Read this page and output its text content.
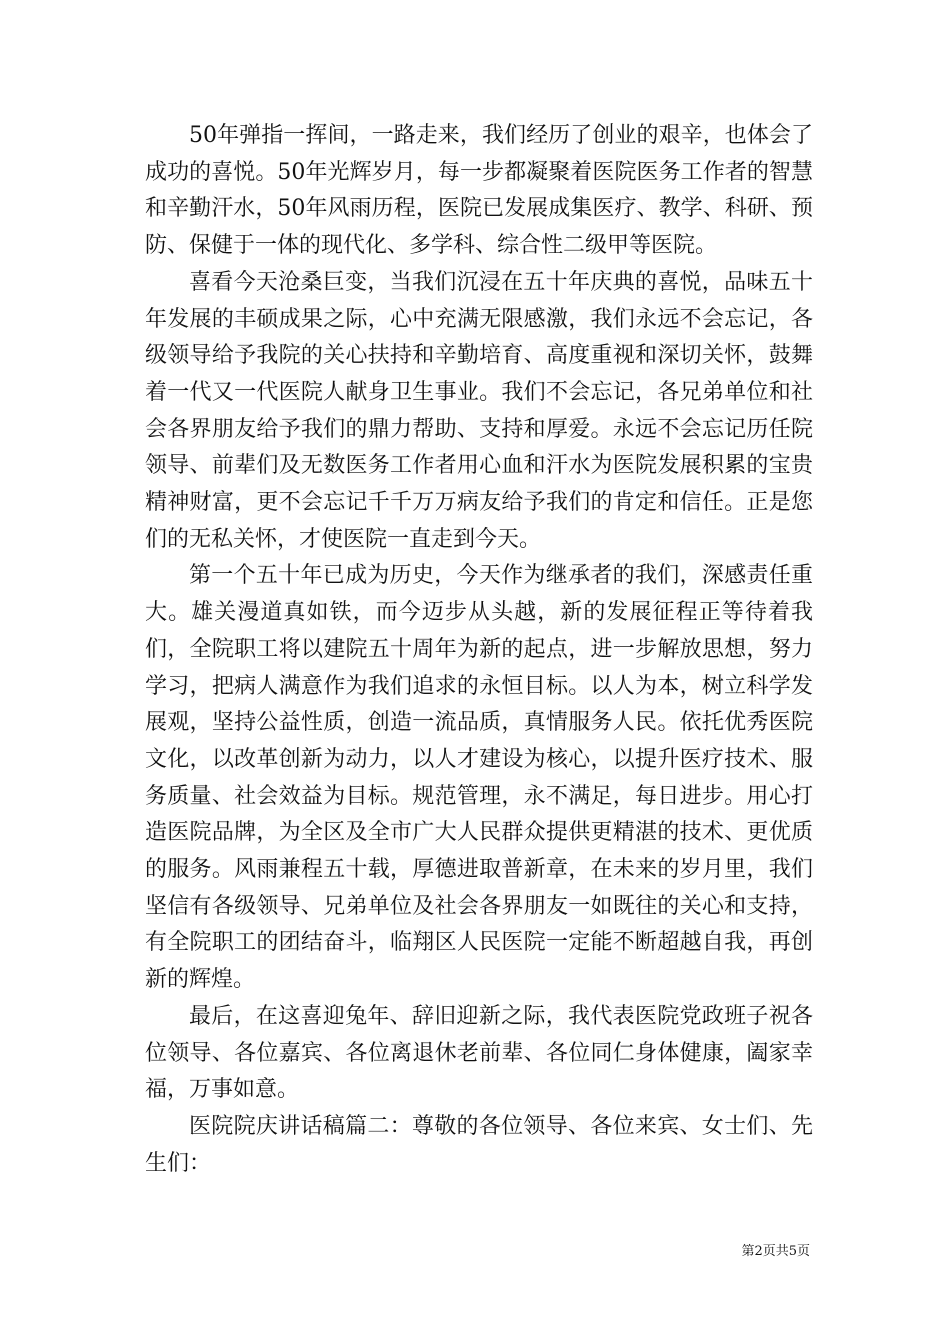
50年弹指一挥间，一路走来，我们经历了创业的艰辛，也体会了成功的喜悦。50年光辉岁月，每一步都凝聚着医院医务工作者的智慧和辛勤汗水，50年风雨历程，医院已发展成集医疗、教学、科研、预防、保健于一体的现代化、多学科、综合性二级甲等医院。

喜看今天沧桑巨变，当我们沉浸在五十年庆典的喜悦，品味五十年发展的丰硕成果之际，心中充满无限感激，我们永远不会忘记，各级领导给予我院的关心扶持和辛勤培育、高度重视和深切关怀，鼓舞着一代又一代医院人献身卫生事业。我们不会忘记，各兄弟单位和社会各界朋友给予我们的鼎力帮助、支持和厚爱。永远不会忘记历任院领导、前辈们及无数医务工作者用心血和汗水为医院发展积累的宝贵精神财富，更不会忘记千千万万病友给予我们的肯定和信任。正是您们的无私关怀，才使医院一直走到今天。

第一个五十年已成为历史，今天作为继承者的我们，深感责任重大。雄关漫道真如铁，而今迈步从头越，新的发展征程正等待着我们，全院职工将以建院五十周年为新的起点，进一步解放思想，努力学习，把病人满意作为我们追求的永恒目标。以人为本，树立科学发展观，坚持公益性质，创造一流品质，真情服务人民。依托优秀医院文化，以改革创新为动力，以人才建设为核心，以提升医疗技术、服务质量、社会效益为目标。规范管理，永不满足，每日进步。用心打造医院品牌，为全区及全市广大人民群众提供更精湛的技术、更优质的服务。风雨兼程五十载，厚德进取普新章，在未来的岁月里，我们坚信有各级领导、兄弟单位及社会各界朋友一如既往的关心和支持，有全院职工的团结奋斗，临翔区人民医院一定能不断超越自我，再创新的辉煌。

最后，在这喜迎兔年、辞旧迎新之际，我代表医院党政班子祝各位领导、各位嘉宾、各位离退休老前辈、各位同仁身体健康，阖家幸福，万事如意。

医院院庆讲话稿篇二：尊敬的各位领导、各位来宾、女士们、先生们：

第2页共5页
